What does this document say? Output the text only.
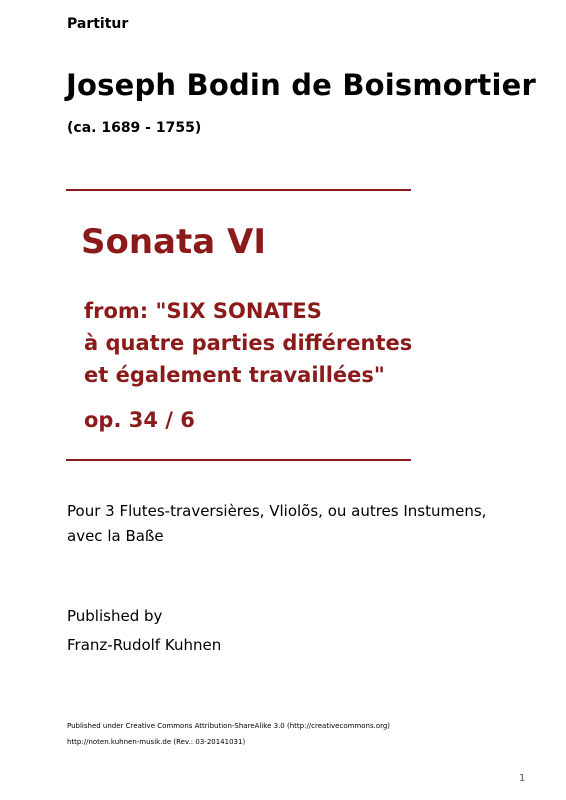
Partitur
Joseph Bodin de Boismortier
(ca. 1689 - 1755)
Sonata VI
from: "SIX SONATES
à quatre parties différentes
et également travaillées"
op. 34 / 6
Pour 3 Flutes-traversières, Vliolõs, ou autres Instumens,
avec la Baße
Published by
Franz-Rudolf Kuhnen
Published under Creative Commons Attribution-ShareAlike 3.0 (http://creativecommons.org)
http://noten.kuhnen-musik.de (Rev.: 03-20141031)
1
